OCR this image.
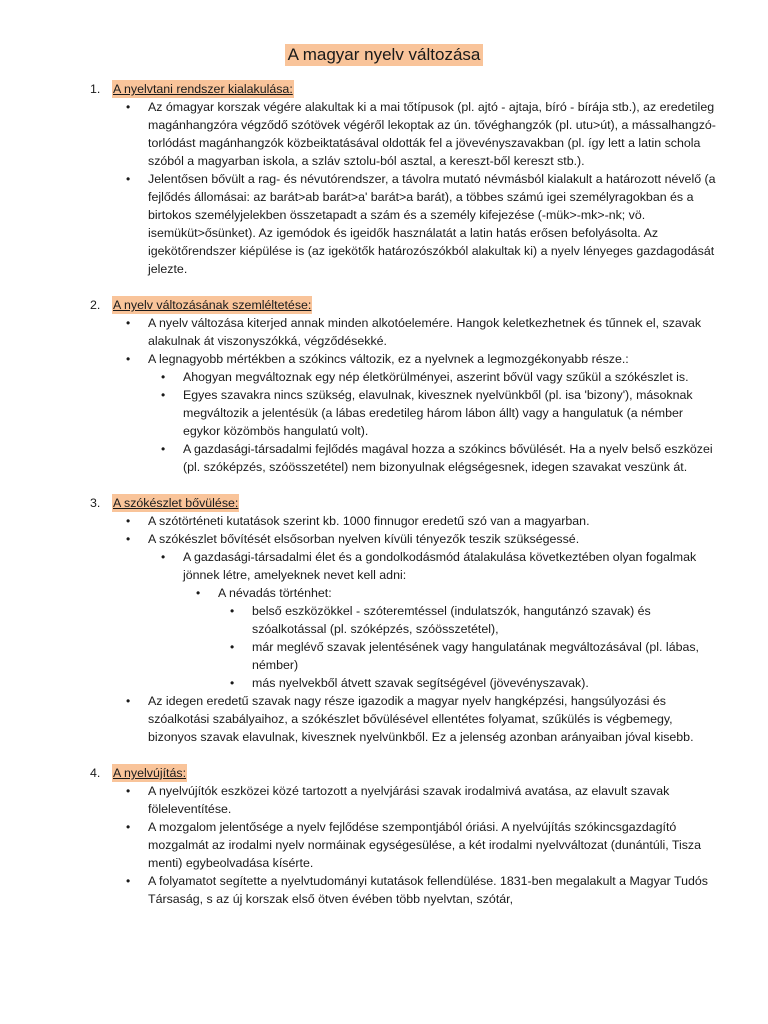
A magyar nyelv változása
1. A nyelvtani rendszer kialakulása:
• Az ómagyar korszak végére alakultak ki a mai tőtípusok (pl. ajtó - ajtaja, bíró - bírája stb.), az eredetileg magánhangzóra végződő szótövek végéről lekoptak az ún. tővéghangzók (pl. utu>út), a mássalhangzó-torlódást magánhangzók közbeiktatásával oldották fel a jövevényszavakban (pl. így lett a latin schola szóból a magyarban iskola, a szláv sztolu-ból asztal, a kereszt-ből kereszt stb.).
• Jelentősen bővült a rag- és névutórendszer, a távolra mutató névmásból kialakult a határozott névelő (a fejlődés állomásai: az barát>ab barát>a' barát>a barát), a többes számú igei személyragokban és a birtokos személyjelekben összetapadt a szám és a személy kifejezése (-mük>-mk>-nk; vö. isemüküt>ősünket). Az igemódok és igeidők használatát a latin hatás erősen befolyásolta. Az igekötőrendszer kiépülése is (az igekötők határozószókból alakultak ki) a nyelv lényeges gazdagodását jelezte.
2. A nyelv változásának szemléltetése:
• A nyelv változása kiterjed annak minden alkotóelemére. Hangok keletkezhetnek és tűnnek el, szavak alakulnak át viszonyszókká, végződésekké.
• A legnagyobb mértékben a szókincs változik, ez a nyelvnek a legmozgékonyabb része.:
• Ahogyan megváltoznak egy nép életkörülményei, aszerint bővül vagy szűkül a szókészlet is.
• Egyes szavakra nincs szükség, elavulnak, kivesznek nyelvünkből (pl. isa 'bizony'), másoknak megváltozik a jelentésük (a lábas eredetileg három lábon állt) vagy a hangulatuk (a némber egykor közömbös hangulatú volt).
• A gazdasági-társadalmi fejlődés magával hozza a szókincs bővülését. Ha a nyelv belső eszközei (pl. szóképzés, szóösszetétel) nem bizonyulnak elégségesnek, idegen szavakat veszünk át.
3. A szókészlet bővülése:
• A szótörténeti kutatások szerint kb. 1000 finnugor eredetű szó van a magyarban.
• A szókészlet bővítését elsősorban nyelven kívüli tényezők teszik szükségessé.
• A gazdasági-társadalmi élet és a gondolkodásmód átalakulása következtében olyan fogalmak jönnek létre, amelyeknek nevet kell adni:
• A névadás történhet:
• belső eszközökkel - szóteremtéssel (indulatszók, hangutánzó szavak) és szóalkotással (pl. szóképzés, szóösszetétel),
• már meglévő szavak jelentésének vagy hangulatának megváltozásával (pl. lábas, némber)
• más nyelvekből átvett szavak segítségével (jövevényszavak).
• Az idegen eredetű szavak nagy része igazodik a magyar nyelv hangképzési, hangsúlyozási és szóalkotási szabályaihoz, a szókészlet bővülésével ellentétes folyamat, szűkülés is végbemegy, bizonyos szavak elavulnak, kivesznek nyelvünkből. Ez a jelenség azonban arányaiban jóval kisebb.
4. A nyelvújítás:
• A nyelvújítók eszközei közé tartozott a nyelvjárási szavak irodalmivá avatása, az elavult szavak föleleventítése.
• A mozgalom jelentősége a nyelv fejlődése szempontjából óriási. A nyelvújítás szókincsgazdagító mozgalmát az irodalmi nyelv normáinak egységesülése, a két irodalmi nyelvváltozat (dunántúli, Tisza menti) egybeolvadása kísérte.
• A folyamatot segítette a nyelvtudományi kutatások fellendülése. 1831-ben megalakult a Magyar Tudós Társaság, s az új korszak első ötven évében több nyelvtan, szótár,
